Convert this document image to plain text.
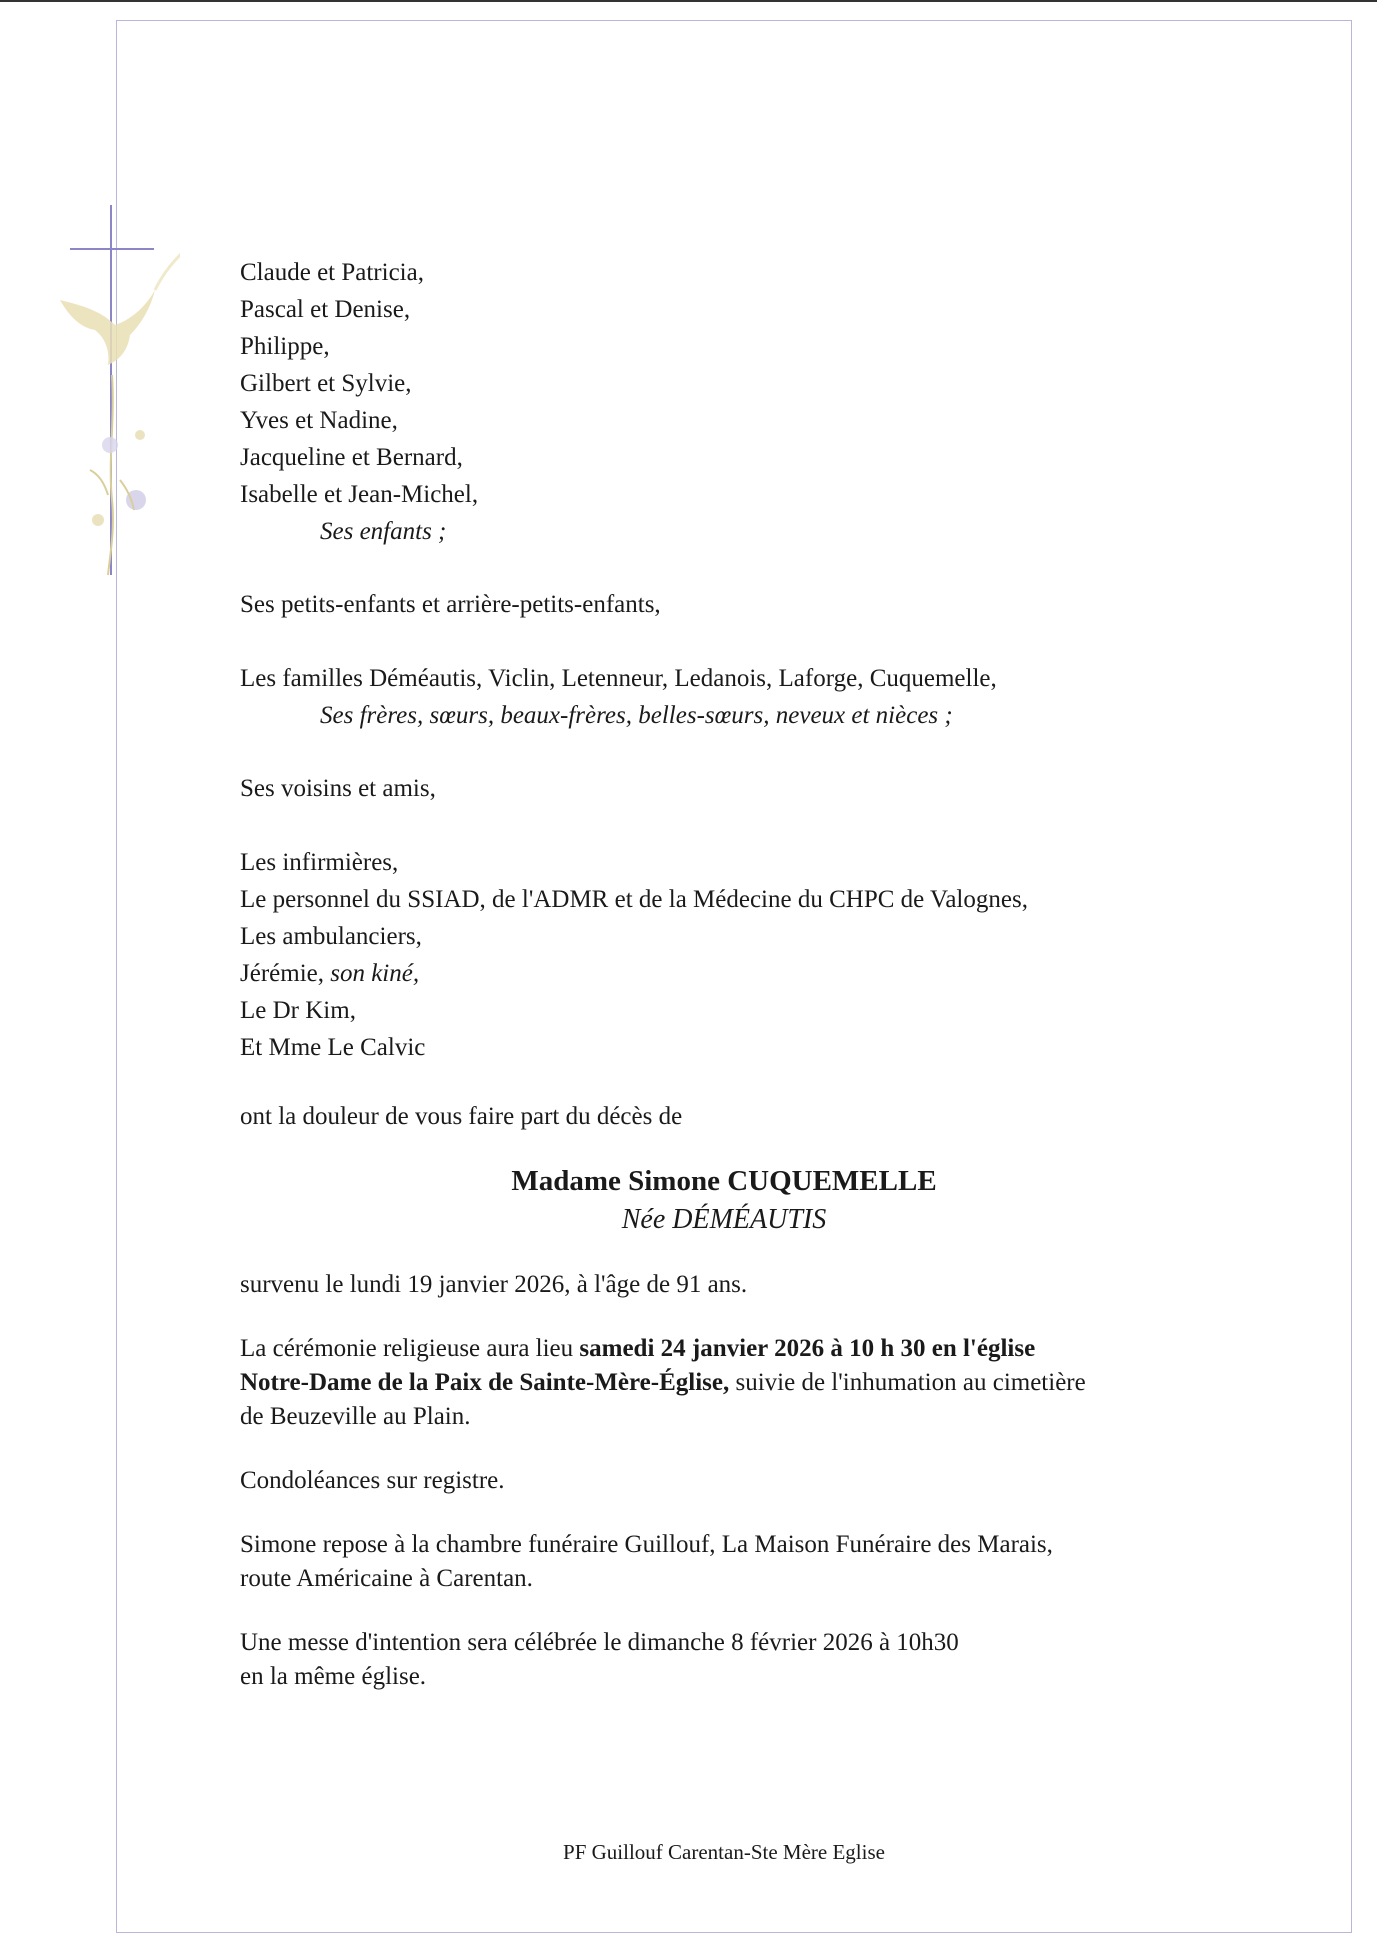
Claude et Patricia,
Pascal et Denise,
Philippe,
Gilbert et Sylvie,
Yves et Nadine,
Jacqueline et Bernard,
Isabelle et Jean-Michel,
Ses enfants ;
Ses petits-enfants et arrière-petits-enfants,
Les familles Déméautis, Viclin, Letenneur, Ledanois, Laforge, Cuquemelle,
Ses frères, sœurs, beaux-frères, belles-sœurs, neveux et nièces ;
Ses voisins et amis,
Les infirmières,
Le personnel du SSIAD, de l'ADMR et de la Médecine du CHPC de Valognes,
Les ambulanciers,
Jérémie, son kiné,
Le Dr Kim,
Et Mme Le Calvic
ont la douleur de vous faire part du décès de
Madame Simone CUQUEMELLE
Née DÉMÉAUTIS
survenu le lundi 19 janvier 2026, à l'âge de 91 ans.
La cérémonie religieuse aura lieu samedi 24 janvier 2026 à 10 h 30 en l'église
Notre-Dame de la Paix de Sainte-Mère-Église, suivie de l'inhumation au cimetière
de Beuzeville au Plain.
Condoléances sur registre.
Simone repose à la chambre funéraire Guillouf, La Maison Funéraire des Marais,
route Américaine à Carentan.
Une messe d'intention sera célébrée le dimanche 8 février 2026 à 10h30
en la même église.
PF Guillouf Carentan-Ste Mère Eglise
